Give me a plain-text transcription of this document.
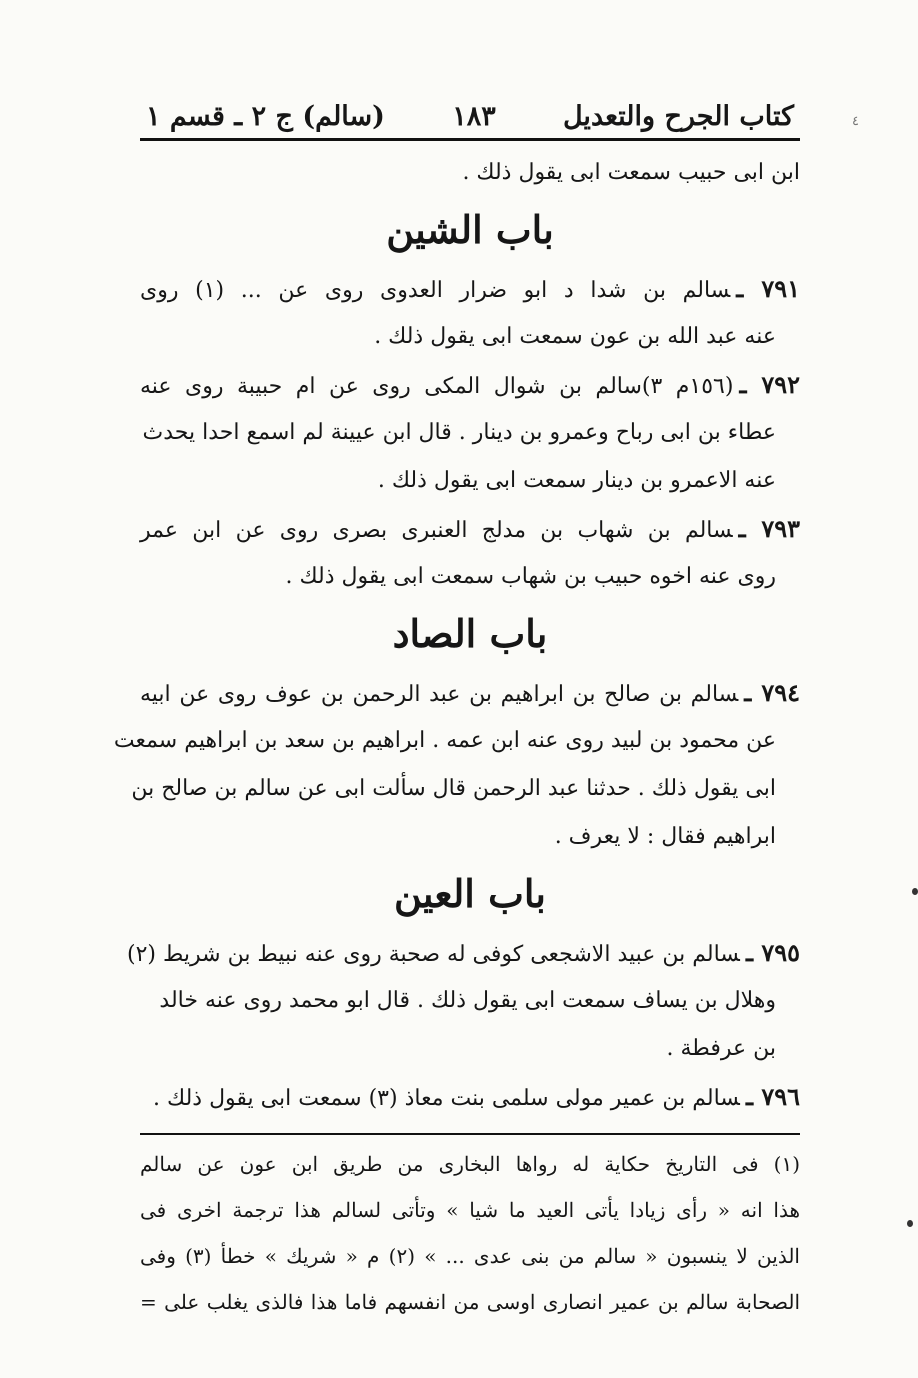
٤
كتاب الجرح والتعديل
١٨٣
(سالم) ج ٢ ـ قسم ١
ابن ابى حبيب سمعت ابى يقول ذلك .
باب الشين
٧٩١ ـسالم بن شدا د ابو ضرار العدوى روى عن ... (١) روى
عنه عبد الله بن عون سمعت ابى يقول ذلك .
٧٩٢ ـ(١٥٦م ٣)سالم بن شوال المكى روى عن ام حبيبة روى عنه
عطاء بن ابى رباح وعمرو بن دينار . قال ابن عيينة لم اسمع احدا يحدث
عنه الاعمرو بن دينار سمعت ابى يقول ذلك .
٧٩٣ ـسالم بن شهاب بن مدلج العنبرى بصرى روى عن ابن عمر
روى عنه اخوه حبيب بن شهاب سمعت ابى يقول ذلك .
باب الصاد
٧٩٤ ـسالم بن صالح بن ابراهيم بن عبد الرحمن بن عوف روى عن ابيه
عن محمود بن لبيد روى عنه ابن عمه . ابراهيم بن سعد بن ابراهيم سمعت
ابى يقول ذلك . حدثنا عبد الرحمن قال سألت ابى عن سالم بن صالح بن
ابراهيم فقال : لا يعرف .
باب العين
٧٩٥ ـسالم بن عبيد الاشجعى كوفى له صحبة روى عنه نبيط بن شريط (٢)
وهلال بن يساف سمعت ابى يقول ذلك . قال ابو محمد روى عنه خالد
بن عرفطة .
٧٩٦ ـسالم بن عمير مولى سلمى بنت معاذ (٣) سمعت ابى يقول ذلك .
(١) فى التاريخ حكاية له رواها البخارى من طريق ابن عون عن سالم
هذا انه « رأى زيادا يأتى العيد ما شيا » وتأتى لسالم هذا ترجمة اخرى فى
الذين لا ينسبون « سالم من بنى عدى ... » (٢) م « شريك » خطأ (٣) وفى
الصحابة سالم بن عمير انصارى اوسى من انفسهم فاما هذا فالذى يغلب على =
